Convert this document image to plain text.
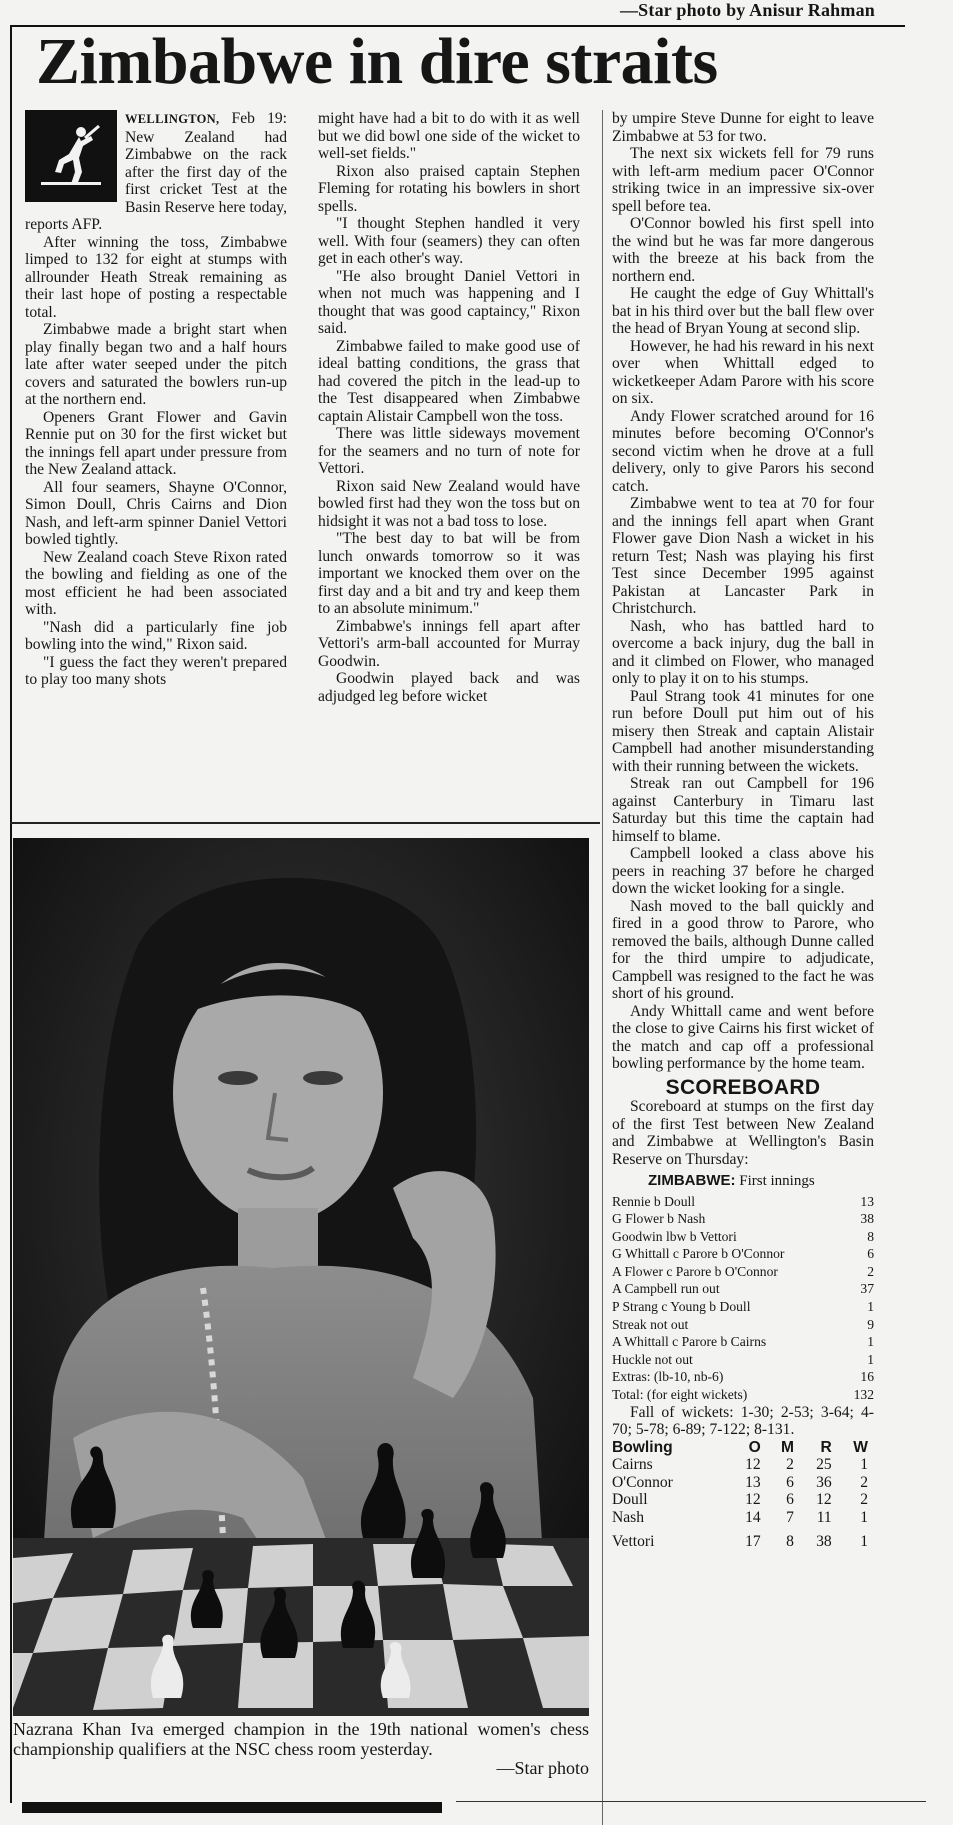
—Star photo by Anisur Rahman
Zimbabwe in dire straits

WELLINGTON, Feb 19: New Zealand had Zimbabwe on the rack after the first day of the first cricket Test at the Basin Reserve here today, reports AFP.

After winning the toss, Zimbabwe limped to 132 for eight at stumps with allrounder Heath Streak remaining as their last hope of posting a respectable total.

Zimbabwe made a bright start when play finally began two and a half hours late after water seeped under the pitch covers and saturated the bowlers run-up at the northern end.

Openers Grant Flower and Gavin Rennie put on 30 for the first wicket but the innings fell apart under pressure from the New Zealand attack.

All four seamers, Shayne O'Connor, Simon Doull, Chris Cairns and Dion Nash, and left-arm spinner Daniel Vettori bowled tightly.

New Zealand coach Steve Rixon rated the bowling and fielding as one of the most efficient he had been associated with.

"Nash did a particularly fine job bowling into the wind," Rixon said.

"I guess the fact they weren't prepared to play too many shots

might have had a bit to do with it as well but we did bowl one side of the wicket to well-set fields."

Rixon also praised captain Stephen Fleming for rotating his bowlers in short spells.

"I thought Stephen handled it very well. With four (seamers) they can often get in each other's way.

"He also brought Daniel Vettori in when not much was happening and I thought that was good captaincy," Rixon said.

Zimbabwe failed to make good use of ideal batting conditions, the grass that had covered the pitch in the lead-up to the Test disappeared when Zimbabwe captain Alistair Campbell won the toss.

There was little sideways movement for the seamers and no turn of note for Vettori.

Rixon said New Zealand would have bowled first had they won the toss but on hidsight it was not a bad toss to lose.

"The best day to bat will be from lunch onwards tomorrow so it was important we knocked them over on the first day and a bit and try and keep them to an absolute minimum."

Zimbabwe's innings fell apart after Vettori's arm-ball accounted for Murray Goodwin.

Goodwin played back and was adjudged leg before wicket

by umpire Steve Dunne for eight to leave Zimbabwe at 53 for two.

The next six wickets fell for 79 runs with left-arm medium pacer O'Connor striking twice in an impressive six-over spell before tea.

O'Connor bowled his first spell into the wind but he was far more dangerous with the breeze at his back from the northern end.

He caught the edge of Guy Whittall's bat in his third over but the ball flew over the head of Bryan Young at second slip.

However, he had his reward in his next over when Whittall edged to wicketkeeper Adam Parore with his score on six.

Andy Flower scratched around for 16 minutes before becoming O'Connor's second victim when he drove at a full delivery, only to give Parors his second catch.

Zimbabwe went to tea at 70 for four and the innings fell apart when Grant Flower gave Dion Nash a wicket in his return Test; Nash was playing his first Test since December 1995 against Pakistan at Lancaster Park in Christchurch.

Nash, who has battled hard to overcome a back injury, dug the ball in and it climbed on Flower, who managed only to play it on to his stumps.

Paul Strang took 41 minutes for one run before Doull put him out of his misery then Streak and captain Alistair Campbell had another misunderstanding with their running between the wickets.

Streak ran out Campbell for 196 against Canterbury in Timaru last Saturday but this time the captain had himself to blame.

Campbell looked a class above his peers in reaching 37 before he charged down the wicket looking for a single.

Nash moved to the ball quickly and fired in a good throw to Parore, who removed the bails, although Dunne called for the third umpire to adjudicate, Campbell was resigned to the fact he was short of his ground.

Andy Whittall came and went before the close to give Cairns his first wicket of the match and cap off a professional bowling performance by the home team.

SCOREBOARD

Scoreboard at stumps on the first day of the first Test between New Zealand and Zimbabwe at Wellington's Basin Reserve on Thursday:

ZIMBABWE: First innings
Rennie b Doull	13
G Flower b Nash	38
Goodwin lbw b Vettori	8
G Whittall c Parore b O'Connor	6
A Flower c Parore b O'Connor	2
A Campbell run out	37
P Strang c Young b Doull	1
Streak not out	9
A Whittall c Parore b Cairns	1
Huckle not out	1
Extras: (lb-10, nb-6)	16
Total: (for eight wickets)	132

Fall of wickets: 1-30; 2-53; 3-64; 4-70; 5-78; 6-89; 7-122; 8-131.

Bowling	O	M	R	W
Cairns	12	2	25	1
O'Connor	13	6	36	2
Doull	12	6	12	2
Nash	14	7	11	1
Vettori	17	8	38	1
Nazrana Khan Iva emerged champion in the 19th national women's chess championship qualifiers at the NSC chess room yesterday.
—Star photo
